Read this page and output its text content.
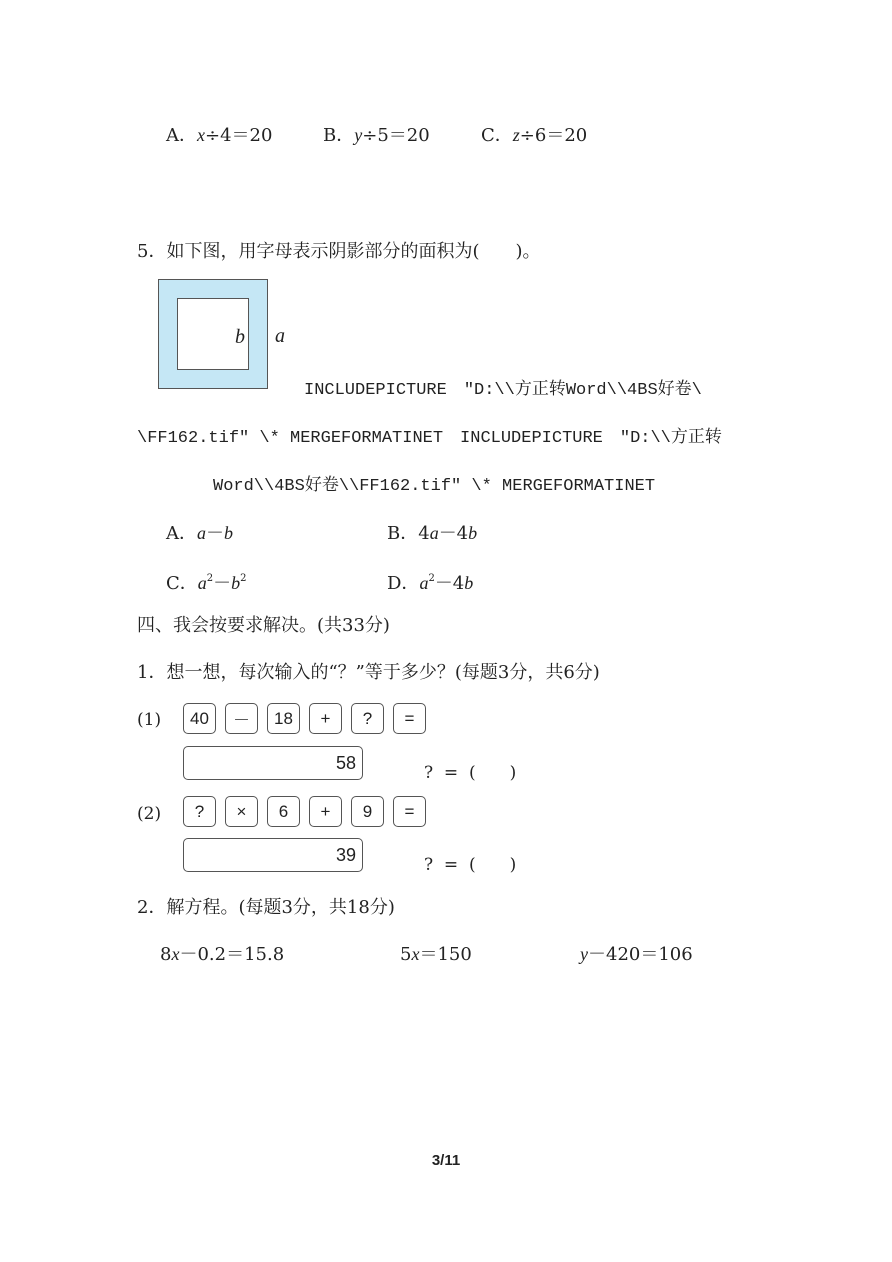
A．x÷4＝20	B．y÷5＝20	C．z÷6＝20
5．如下图，用字母表示阴影部分的面积为(　　)。
b a
INCLUDEPICTURE　"D:\\方正转Word\\4BS好卷\
\FF162.tif" \* MERGEFORMATINET　INCLUDEPICTURE　"D:\\方正转
Word\\4BS好卷\\FF162.tif" \* MERGEFORMATINET
A．a－b	B．4a－4b
C．$a^2-b^2$	D．$a^2-4b$
四、我会按要求解决。(共33分)
1．想一想，每次输入的“？”等于多少？(每题3分，共6分)
(1)	40	－	18	+	?	=
58
?  =  (　　)
(2)	?	×	6	+	9	=
39
?  =  (　　)
2．解方程。(每题3分，共18分)
8x－0.2＝15.8	5x＝150	y－420＝106
3/11
